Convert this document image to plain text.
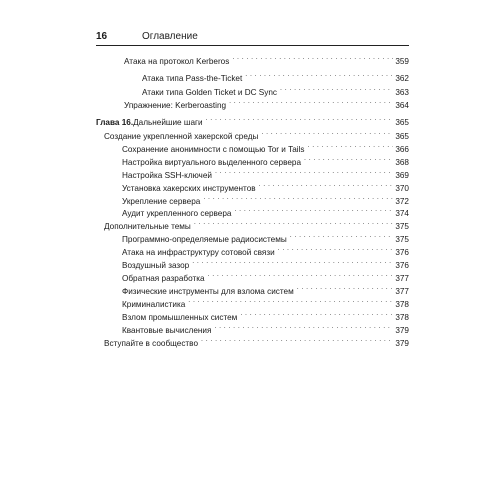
16	Оглавление
Атака на протокол Kerberos . . .	359
Атака типа Pass-the-Ticket . . .	362
Атаки типа Golden Ticket и DC Sync . . .	363
Упражнение: Kerberoasting . . .	364
Глава 16. Дальнейшие шаги . . .	365
Создание укрепленной хакерской среды . . .	365
Сохранение анонимности с помощью Tor и Tails . . .	366
Настройка виртуального выделенного сервера . . .	368
Настройка SSH-ключей . . .	369
Установка хакерских инструментов . . .	370
Укрепление сервера . . .	372
Аудит укрепленного сервера . . .	374
Дополнительные темы . . .	375
Программно-определяемые радиосистемы . . .	375
Атака на инфраструктуру сотовой связи . . .	376
Воздушный зазор . . .	376
Обратная разработка . . .	377
Физические инструменты для взлома систем . . .	377
Криминалистика . . .	378
Взлом промышленных систем . . .	378
Квантовые вычисления . . .	379
Вступайте в сообщество . . .	379
